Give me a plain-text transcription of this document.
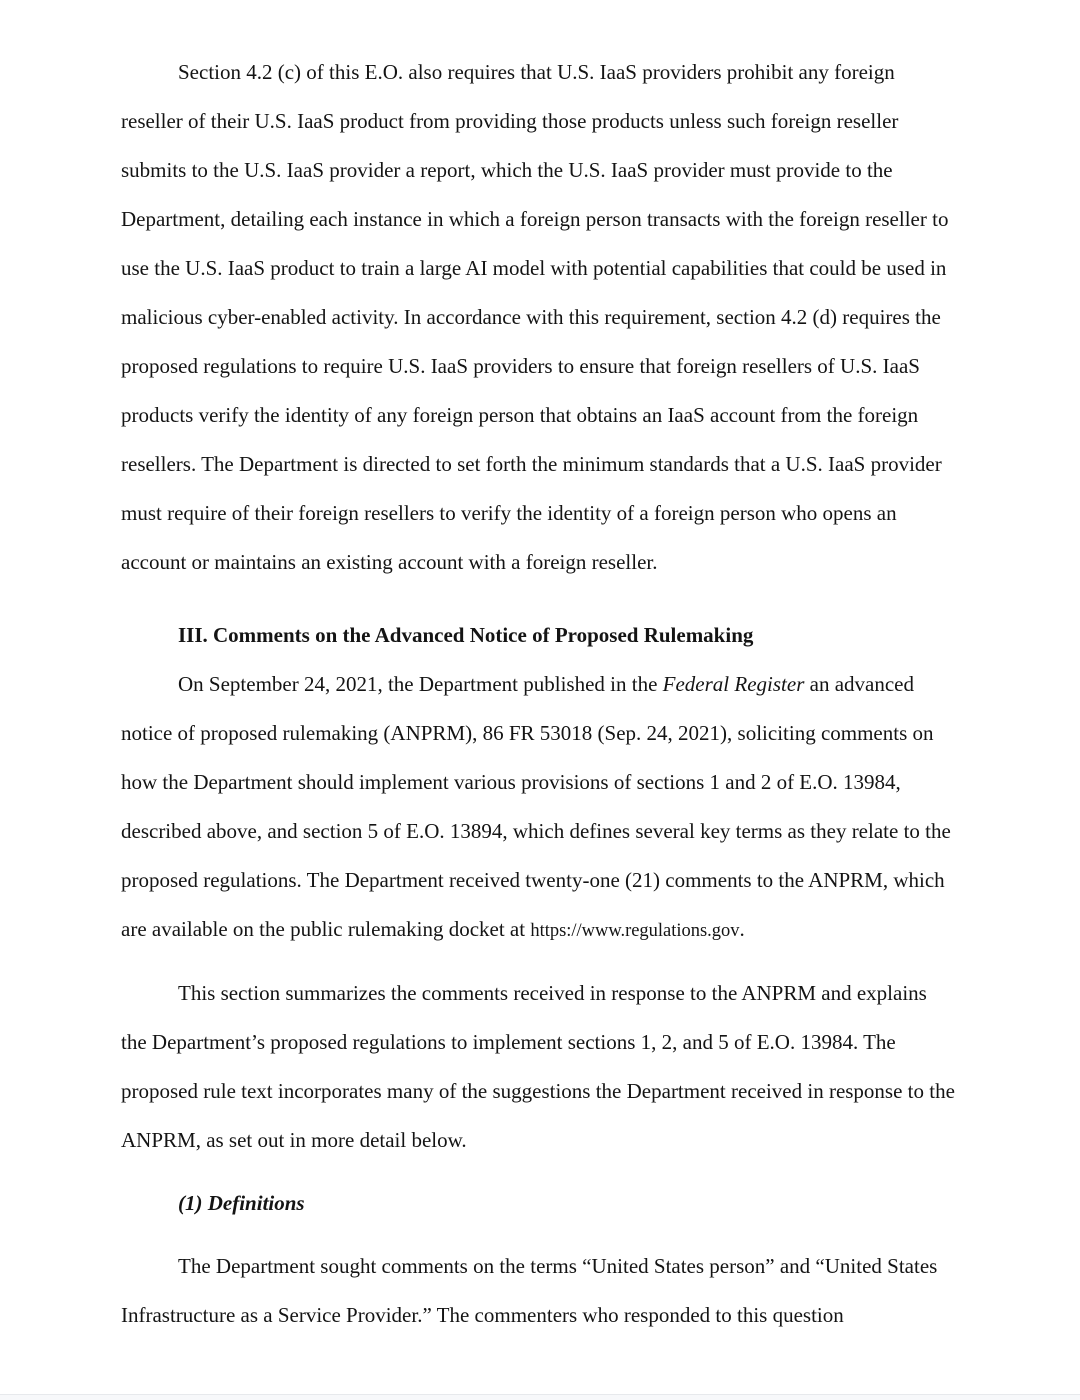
Section 4.2 (c) of this E.O. also requires that U.S. IaaS providers prohibit any foreign reseller of their U.S. IaaS product from providing those products unless such foreign reseller submits to the U.S. IaaS provider a report, which the U.S. IaaS provider must provide to the Department, detailing each instance in which a foreign person transacts with the foreign reseller to use the U.S. IaaS product to train a large AI model with potential capabilities that could be used in malicious cyber-enabled activity. In accordance with this requirement, section 4.2 (d) requires the proposed regulations to require U.S. IaaS providers to ensure that foreign resellers of U.S. IaaS products verify the identity of any foreign person that obtains an IaaS account from the foreign resellers. The Department is directed to set forth the minimum standards that a U.S. IaaS provider must require of their foreign resellers to verify the identity of a foreign person who opens an account or maintains an existing account with a foreign reseller.

III. Comments on the Advanced Notice of Proposed Rulemaking

On September 24, 2021, the Department published in the Federal Register an advanced notice of proposed rulemaking (ANPRM), 86 FR 53018 (Sep. 24, 2021), soliciting comments on how the Department should implement various provisions of sections 1 and 2 of E.O. 13984, described above, and section 5 of E.O. 13894, which defines several key terms as they relate to the proposed regulations. The Department received twenty-one (21) comments to the ANPRM, which are available on the public rulemaking docket at https://www.regulations.gov.

This section summarizes the comments received in response to the ANPRM and explains the Department’s proposed regulations to implement sections 1, 2, and 5 of E.O. 13984. The proposed rule text incorporates many of the suggestions the Department received in response to the ANPRM, as set out in more detail below.

(1) Definitions

The Department sought comments on the terms “United States person” and “United States Infrastructure as a Service Provider.” The commenters who responded to this question
